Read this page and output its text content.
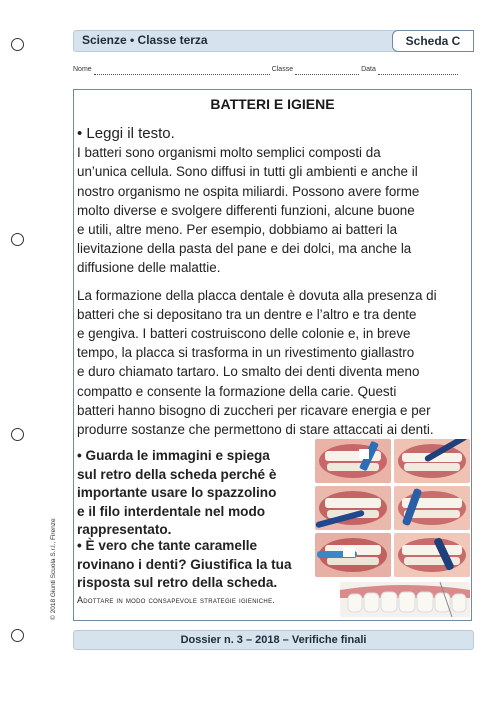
Scienze • Classe terza	Scheda C
Nome	Classe	Data
BATTERI E IGIENE
• Leggi il testo.
I batteri sono organismi molto semplici composti da
un’unica cellula. Sono diffusi in tutti gli ambienti e anche il
nostro organismo ne ospita miliardi. Possono avere forme
molto diverse e svolgere differenti funzioni, alcune buone
e utili, altre meno. Per esempio, dobbiamo ai batteri la
lievitazione della pasta del pane e dei dolci, ma anche la
diffusione delle malattie.
La formazione della placca dentale è dovuta alla presenza di
batteri che si depositano tra un dentre e l’altro e tra dente
e gengiva. I batteri costruiscono delle colonie e, in breve
tempo, la placca si trasforma in un rivestimento giallastro
e duro chiamato tartaro. Lo smalto dei denti diventa meno
compatto e consente la formazione della carie. Questi
batteri hanno bisogno di zuccheri per ricavare energia e per
produrre sostanze che permettono di stare attaccati ai denti.
• Guarda le immagini e spiega
sul retro della scheda perché è
importante usare lo spazzolino
e il filo interdentale nel modo
rappresentato.
• È vero che tante caramelle
rovinano i denti? Giustifica la tua
risposta sul retro della scheda.
Adottare in modo consapevole strategie igieniche.
Dossier n. 3 – 2018 – Verifiche finali
© 2018 Giunti Scuola S.r.l., Firenze
